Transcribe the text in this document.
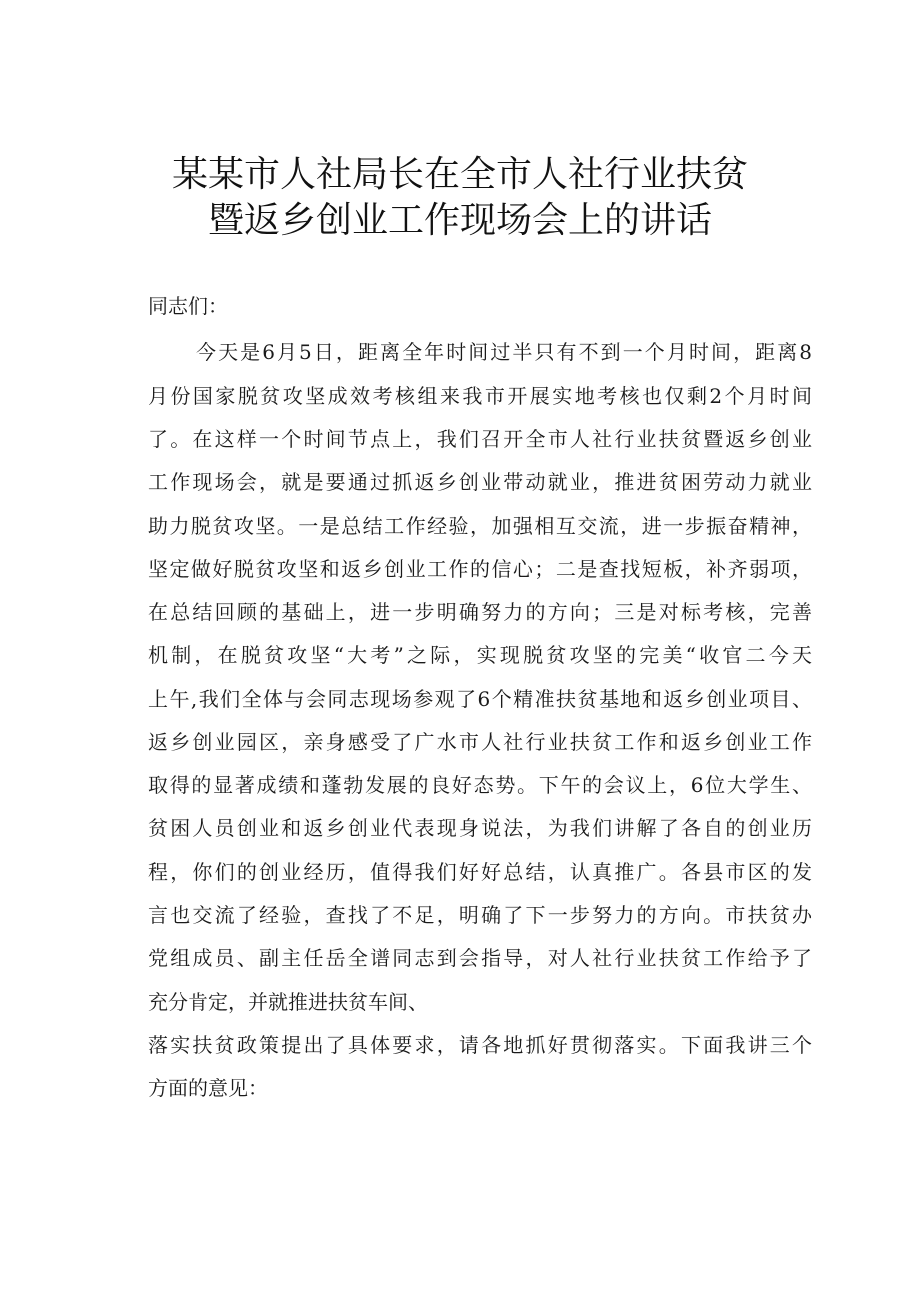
某某市人社局长在全市人社行业扶贫
暨返乡创业工作现场会上的讲话
同志们：
今天是6月5日，距离全年时间过半只有不到一个月时间，距离8
月份国家脱贫攻坚成效考核组来我市开展实地考核也仅剩2个月时间
了。在这样一个时间节点上，我们召开全市人社行业扶贫暨返乡创业
工作现场会，就是要通过抓返乡创业带动就业，推进贫困劳动力就业
助力脱贫攻坚。一是总结工作经验，加强相互交流，进一步振奋精神，
坚定做好脱贫攻坚和返乡创业工作的信心；二是查找短板，补齐弱项，
在总结回顾的基础上，进一步明确努力的方向；三是对标考核，完善
机制，在脱贫攻坚“大考”之际，实现脱贫攻坚的完美“收官二今天
上午,我们全体与会同志现场参观了6个精准扶贫基地和返乡创业项目、
返乡创业园区，亲身感受了广水市人社行业扶贫工作和返乡创业工作
取得的显著成绩和蓬勃发展的良好态势。下午的会议上，6位大学生、
贫困人员创业和返乡创业代表现身说法，为我们讲解了各自的创业历
程，你们的创业经历，值得我们好好总结，认真推广。各县市区的发
言也交流了经验，查找了不足，明确了下一步努力的方向。市扶贫办
党组成员、副主任岳全谱同志到会指导，对人社行业扶贫工作给予了
充分肯定，并就推进扶贫车间、
落实扶贫政策提出了具体要求，请各地抓好贯彻落实。下面我讲三个
方面的意见：
